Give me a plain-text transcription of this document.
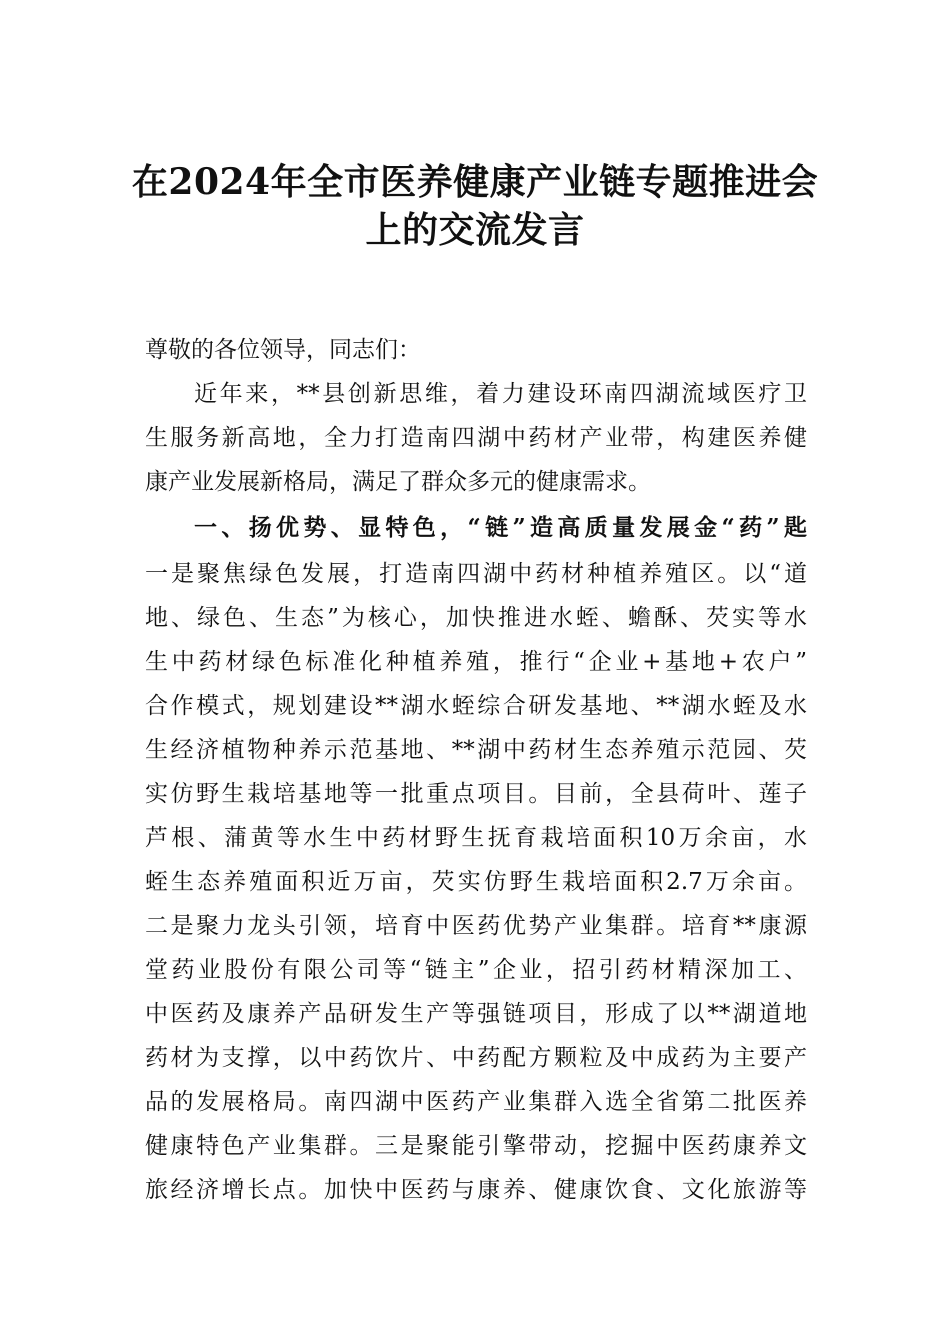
在2024年全市医养健康产业链专题推进会
上的交流发言
尊敬的各位领导，同志们：
近年来，**县创新思维，着力建设环南四湖流域医疗卫
生服务新高地，全力打造南四湖中药材产业带，构建医养健
康产业发展新格局，满足了群众多元的健康需求。
一、扬优势、显特色，“链”造高质量发展金“药”匙
一是聚焦绿色发展，打造南四湖中药材种植养殖区。以“道
地、绿色、生态”为核心，加快推进水蛭、蟾酥、芡实等水
生中药材绿色标准化种植养殖，推行“企业+基地+农户”
合作模式，规划建设**湖水蛭综合研发基地、**湖水蛭及水
生经济植物种养示范基地、**湖中药材生态养殖示范园、芡
实仿野生栽培基地等一批重点项目。目前，全县荷叶、莲子
芦根、蒲黄等水生中药材野生抚育栽培面积10万余亩，水
蛭生态养殖面积近万亩，芡实仿野生栽培面积2.7万余亩。
二是聚力龙头引领，培育中医药优势产业集群。培育**康源
堂药业股份有限公司等“链主”企业，招引药材精深加工、
中医药及康养产品研发生产等强链项目，形成了以**湖道地
药材为支撑，以中药饮片、中药配方颗粒及中成药为主要产
品的发展格局。南四湖中医药产业集群入选全省第二批医养
健康特色产业集群。三是聚能引擎带动，挖掘中医药康养文
旅经济增长点。加快中医药与康养、健康饮食、文化旅游等
